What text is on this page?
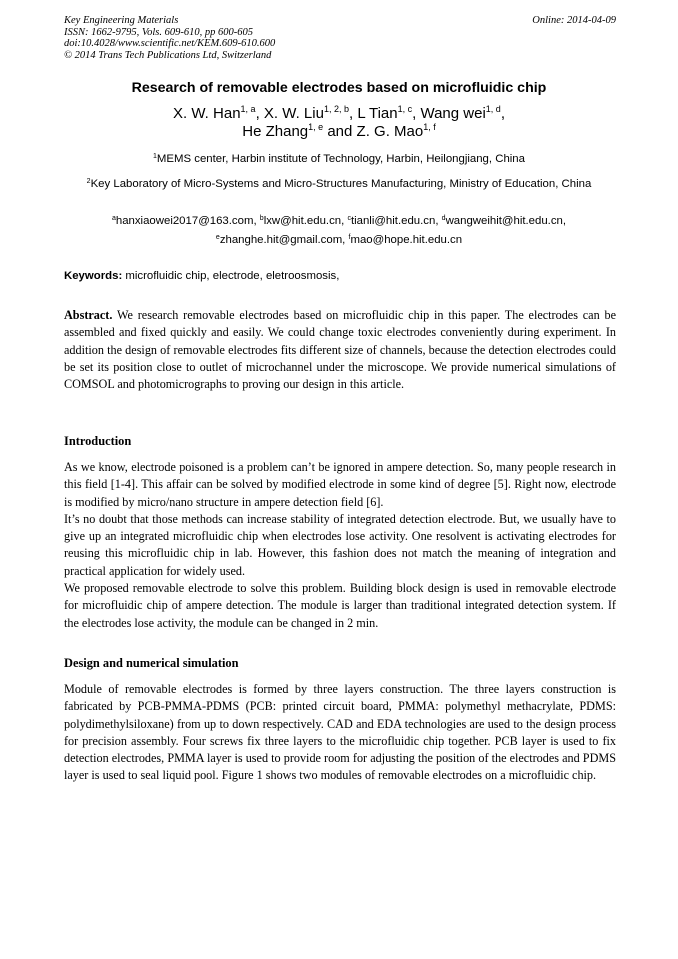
Key Engineering Materials
ISSN: 1662-9795, Vols. 609-610, pp 600-605
doi:10.4028/www.scientific.net/KEM.609-610.600
© 2014 Trans Tech Publications Ltd, Switzerland
Online: 2014-04-09
Research of removable electrodes based on microfluidic chip
X. W. Han$^{1, a}$, X. W. Liu$^{1, 2, b}$, L Tian$^{1, c}$, Wang wei$^{1, d}$,
He Zhang$^{1, e}$ and Z. G. Mao$^{1, f}$
$^1$MEMS center, Harbin institute of Technology, Harbin, Heilongjiang, China
$^2$Key Laboratory of Micro-Systems and Micro-Structures Manufacturing, Ministry of Education, China
$^a$hanxiaowei2017@163.com, $^b$lxw@hit.edu.cn, $^c$tianli@hit.edu.cn, $^d$wangweihit@hit.edu.cn,
$^e$zhanghe.hit@gmail.com, $^f$mao@hope.hit.edu.cn
Keywords: microfluidic chip, electrode, eletroosmosis,

Abstract. We research removable electrodes based on microfluidic chip in this paper. The electrodes can be assembled and fixed quickly and easily. We could change toxic electrodes conveniently during experiment. In addition the design of removable electrodes fits different size of channels, because the detection electrodes could be set its position close to outlet of microchannel under the microscope. We provide numerical simulations of COMSOL and photomicrographs to proving our design in this article.

Introduction

As we know, electrode poisoned is a problem can’t be ignored in ampere detection. So, many people research in this field [1-4]. This affair can be solved by modified electrode in some kind of degree [5]. Right now, electrode is modified by micro/nano structure in ampere detection field [6].

It’s no doubt that those methods can increase stability of integrated detection electrode. But, we usually have to give up an integrated microfluidic chip when electrodes lose activity. One resolvent is activating electrodes for reusing this microfluidic chip in lab. However, this fashion does not match the meaning of integration and practical application for widely used.

We proposed removable electrode to solve this problem. Building block design is used in removable electrode for microfluidic chip of ampere detection. The module is larger than traditional integrated detection system. If the electrodes lose activity, the module can be changed in 2 min.

Design and numerical simulation

Module of removable electrodes is formed by three layers construction. The three layers construction is fabricated by PCB-PMMA-PDMS (PCB: printed circuit board, PMMA: polymethyl methacrylate, PDMS: polydimethylsiloxane) from up to down respectively. CAD and EDA technologies are used to the design process for precision assembly. Four screws fix three layers to the microfluidic chip together. PCB layer is used to fix detection electrodes, PMMA layer is used to provide room for adjusting the position of the electrodes and PDMS layer is used to seal liquid pool. Figure 1 shows two modules of removable electrodes on a microfluidic chip.
